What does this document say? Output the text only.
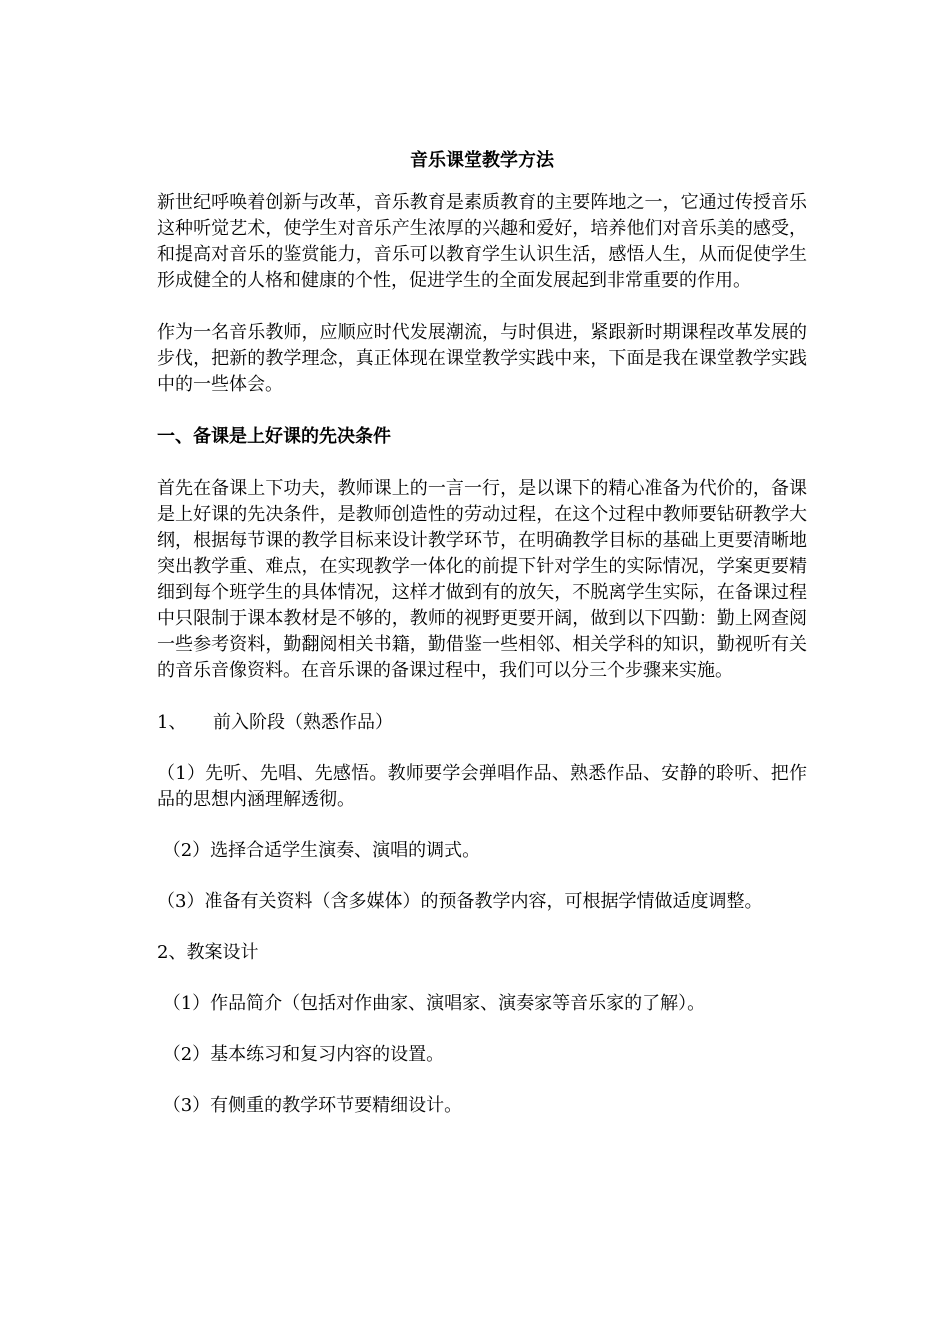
音乐课堂教学方法

新世纪呼唤着创新与改革，音乐教育是素质教育的主要阵地之一，它通过传授音乐这种听觉艺术，使学生对音乐产生浓厚的兴趣和爱好，培养他们对音乐美的感受，和提高对音乐的鉴赏能力，音乐可以教育学生认识生活，感悟人生，从而促使学生形成健全的人格和健康的个性，促进学生的全面发展起到非常重要的作用。

作为一名音乐教师，应顺应时代发展潮流，与时俱进，紧跟新时期课程改革发展的步伐，把新的教学理念，真正体现在课堂教学实践中来，下面是我在课堂教学实践中的一些体会。

一、备课是上好课的先决条件

首先在备课上下功夫，教师课上的一言一行，是以课下的精心准备为代价的，备课是上好课的先决条件，是教师创造性的劳动过程，在这个过程中教师要钻研教学大纲，根据每节课的教学目标来设计教学环节，在明确教学目标的基础上更要清晰地突出教学重、难点，在实现教学一体化的前提下针对学生的实际情况，学案更要精细到每个班学生的具体情况，这样才做到有的放矢，不脱离学生实际，在备课过程中只限制于课本教材是不够的，教师的视野更要开阔，做到以下四勤：勤上网查阅一些参考资料，勤翻阅相关书籍，勤借鉴一些相邻、相关学科的知识，勤视听有关的音乐音像资料。在音乐课的备课过程中，我们可以分三个步骤来实施。

1、 前入阶段（熟悉作品）

（1）先听、先唱、先感悟。教师要学会弹唱作品、熟悉作品、安静的聆听、把作品的思想内涵理解透彻。

（2）选择合适学生演奏、演唱的调式。
（3）准备有关资料（含多媒体）的预备教学内容，可根据学情做适度调整。
2、教案设计
（1）作品简介（包括对作曲家、演唱家、演奏家等音乐家的了解）。
（2）基本练习和复习内容的设置。
（3）有侧重的教学环节要精细设计。
